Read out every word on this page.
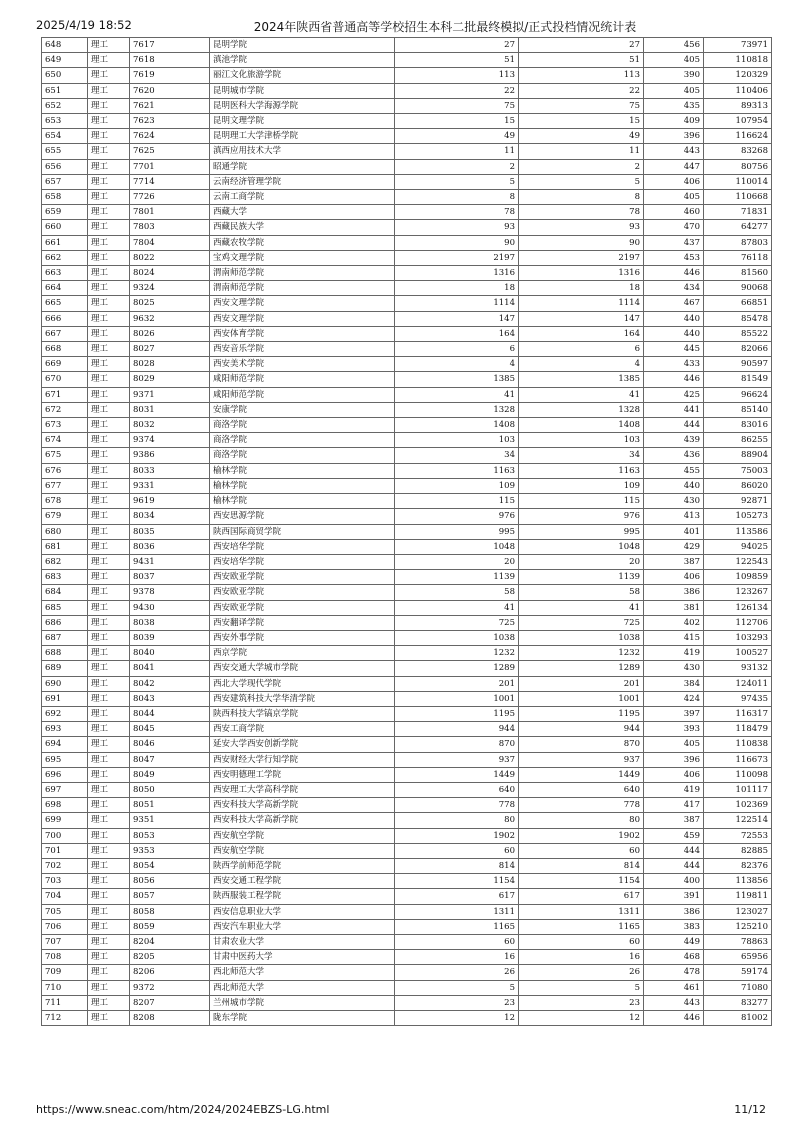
2025/4/19 18:52	2024年陕西省普通高等学校招生本科二批最终模拟/正式投档情况统计表
648	理工	7617	昆明学院	27	27	456	73971
649	理工	7618	滇池学院	51	51	405	110818
650	理工	7619	丽江文化旅游学院	113	113	390	120329
651	理工	7620	昆明城市学院	22	22	405	110406
652	理工	7621	昆明医科大学海源学院	75	75	435	89313
653	理工	7623	昆明文理学院	15	15	409	107954
654	理工	7624	昆明理工大学津桥学院	49	49	396	116624
655	理工	7625	滇西应用技术大学	11	11	443	83268
656	理工	7701	昭通学院	2	2	447	80756
657	理工	7714	云南经济管理学院	5	5	406	110014
658	理工	7726	云南工商学院	8	8	405	110668
659	理工	7801	西藏大学	78	78	460	71831
660	理工	7803	西藏民族大学	93	93	470	64277
661	理工	7804	西藏农牧学院	90	90	437	87803
662	理工	8022	宝鸡文理学院	2197	2197	453	76118
663	理工	8024	渭南师范学院	1316	1316	446	81560
664	理工	9324	渭南师范学院	18	18	434	90068
665	理工	8025	西安文理学院	1114	1114	467	66851
666	理工	9632	西安文理学院	147	147	440	85478
667	理工	8026	西安体育学院	164	164	440	85522
668	理工	8027	西安音乐学院	6	6	445	82066
669	理工	8028	西安美术学院	4	4	433	90597
670	理工	8029	咸阳师范学院	1385	1385	446	81549
671	理工	9371	咸阳师范学院	41	41	425	96624
672	理工	8031	安康学院	1328	1328	441	85140
673	理工	8032	商洛学院	1408	1408	444	83016
674	理工	9374	商洛学院	103	103	439	86255
675	理工	9386	商洛学院	34	34	436	88904
676	理工	8033	榆林学院	1163	1163	455	75003
677	理工	9331	榆林学院	109	109	440	86020
678	理工	9619	榆林学院	115	115	430	92871
679	理工	8034	西安思源学院	976	976	413	105273
680	理工	8035	陕西国际商贸学院	995	995	401	113586
681	理工	8036	西安培华学院	1048	1048	429	94025
682	理工	9431	西安培华学院	20	20	387	122543
683	理工	8037	西安欧亚学院	1139	1139	406	109859
684	理工	9378	西安欧亚学院	58	58	386	123267
685	理工	9430	西安欧亚学院	41	41	381	126134
686	理工	8038	西安翻译学院	725	725	402	112706
687	理工	8039	西安外事学院	1038	1038	415	103293
688	理工	8040	西京学院	1232	1232	419	100527
689	理工	8041	西安交通大学城市学院	1289	1289	430	93132
690	理工	8042	西北大学现代学院	201	201	384	124011
691	理工	8043	西安建筑科技大学华清学院	1001	1001	424	97435
692	理工	8044	陕西科技大学镐京学院	1195	1195	397	116317
693	理工	8045	西安工商学院	944	944	393	118479
694	理工	8046	延安大学西安创新学院	870	870	405	110838
695	理工	8047	西安财经大学行知学院	937	937	396	116673
696	理工	8049	西安明德理工学院	1449	1449	406	110098
697	理工	8050	西安理工大学高科学院	640	640	419	101117
698	理工	8051	西安科技大学高新学院	778	778	417	102369
699	理工	9351	西安科技大学高新学院	80	80	387	122514
700	理工	8053	西安航空学院	1902	1902	459	72553
701	理工	9353	西安航空学院	60	60	444	82885
702	理工	8054	陕西学前师范学院	814	814	444	82376
703	理工	8056	西安交通工程学院	1154	1154	400	113856
704	理工	8057	陕西服装工程学院	617	617	391	119811
705	理工	8058	西安信息职业大学	1311	1311	386	123027
706	理工	8059	西安汽车职业大学	1165	1165	383	125210
707	理工	8204	甘肃农业大学	60	60	449	78863
708	理工	8205	甘肃中医药大学	16	16	468	65956
709	理工	8206	西北师范大学	26	26	478	59174
710	理工	9372	西北师范大学	5	5	461	71080
711	理工	8207	兰州城市学院	23	23	443	83277
712	理工	8208	陇东学院	12	12	446	81002
https://www.sneac.com/htm/2024/2024EBZS-LG.html	11/12
